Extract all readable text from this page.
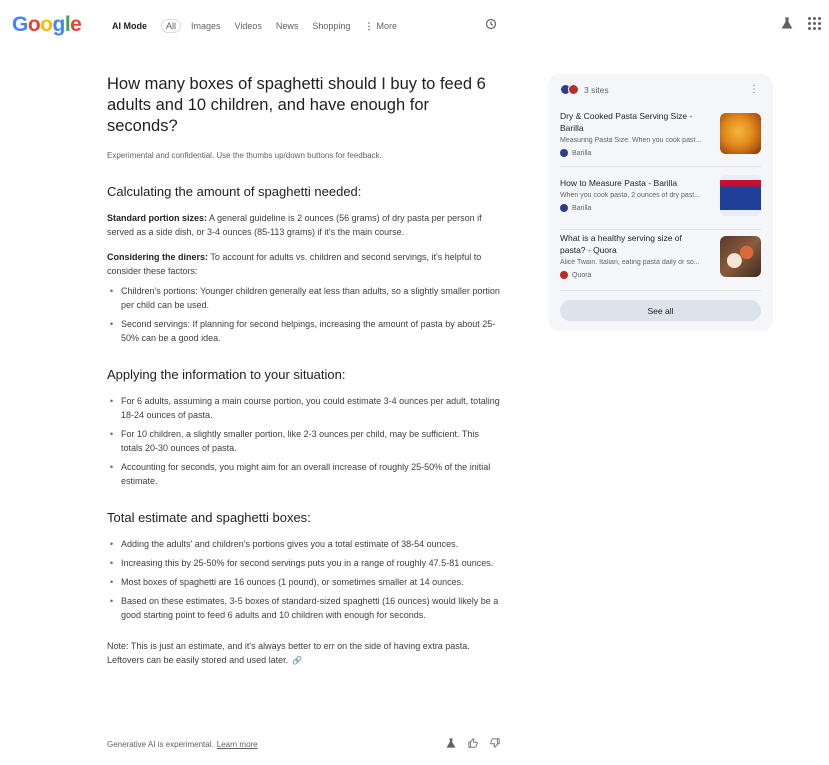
Google	AI Mode	All	Images Videos News Shopping ⋮ More
How many boxes of spaghetti should I buy to feed 6 adults and 10 children, and have enough for seconds?
Experimental and confidential. Use the thumbs up/down buttons for feedback.
Calculating the amount of spaghetti needed:

Standard portion sizes: A general guideline is 2 ounces (56 grams) of dry pasta per person if served as a side dish, or 3-4 ounces (85-113 grams) if it's the main course.

Considering the diners: To account for adults vs. children and second servings, it's helpful to consider these factors:

• Children's portions: Younger children generally eat less than adults, so a slightly smaller portion per child can be used.
• Second servings: If planning for second helpings, increasing the amount of pasta by about 25-50% can be a good idea.
Applying the information to your situation:
• For 6 adults, assuming a main course portion, you could estimate 3-4 ounces per adult, totaling 18-24 ounces of pasta.
• For 10 children, a slightly smaller portion, like 2-3 ounces per child, may be sufficient. This totals 20-30 ounces of pasta.
• Accounting for seconds, you might aim for an overall increase of roughly 25-50% of the initial estimate.
Total estimate and spaghetti boxes:
• Adding the adults' and children's portions gives you a total estimate of 38-54 ounces.
• Increasing this by 25-50% for second servings puts you in a range of roughly 47.5-81 ounces.
• Most boxes of spaghetti are 16 ounces (1 pound), or sometimes smaller at 14 ounces.
• Based on these estimates, 3-5 boxes of standard-sized spaghetti (16 ounces) would likely be a good starting point to feed 6 adults and 10 children with enough for seconds.

Note: This is just an estimate, and it's always better to err on the side of having extra pasta. Leftovers can be easily stored and used later. 🔗

Generative AI is experimental. Learn more
3 sites	⋮
Dry & Cooked Pasta Serving Size - Barilla
Measuring Pasta Size. When you cook past...
Barilla
How to Measure Pasta - Barilla
When you cook pasta, 2 ounces of dry past...
Barilla
What is a healthy serving size of pasta? - Quora
Alice Twain. Italian, eating pasta daily or so...
Quora
See all
